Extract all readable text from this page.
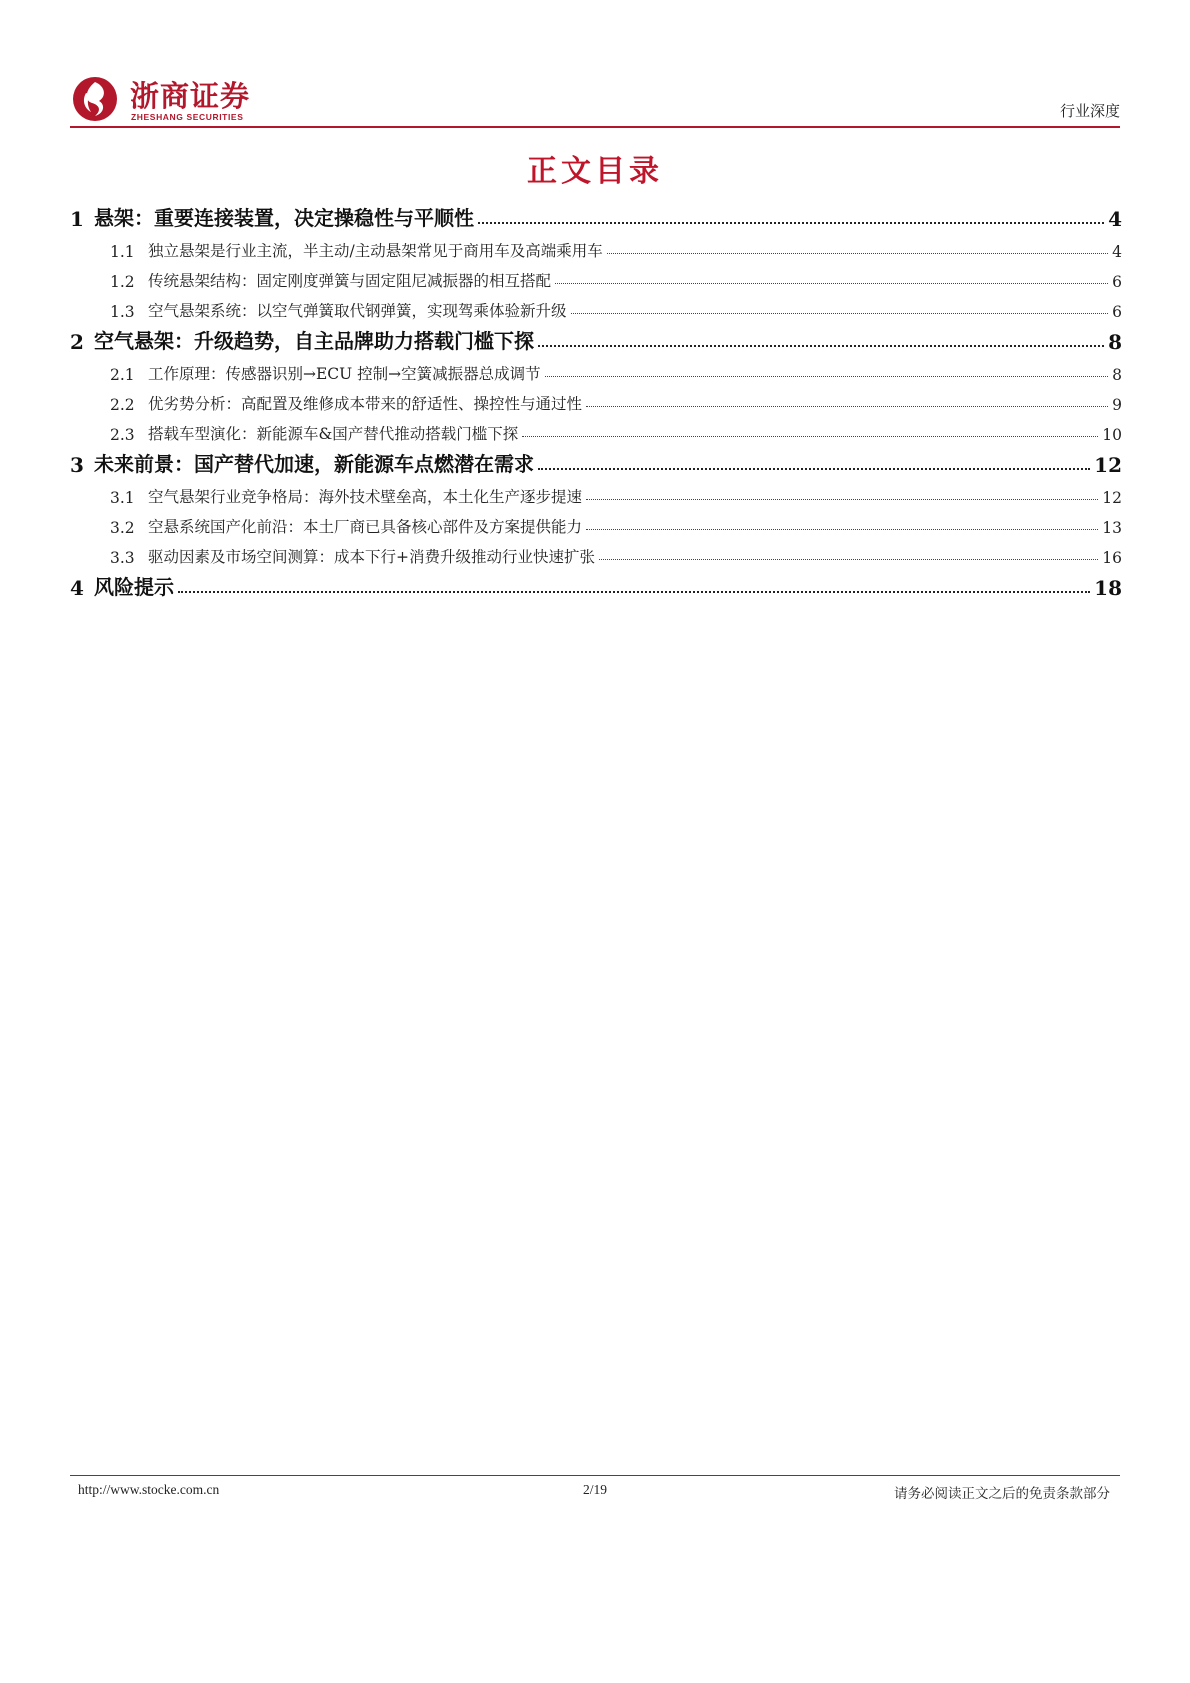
浙商证券
ZHESHANG SECURITIES	行业深度
正文目录
1 悬架：重要连接装置，决定操稳性与平顺性	4
1.1 独立悬架是行业主流，半主动/主动悬架常见于商用车及高端乘用车	4
1.2 传统悬架结构：固定刚度弹簧与固定阻尼减振器的相互搭配	6
1.3 空气悬架系统：以空气弹簧取代钢弹簧，实现驾乘体验新升级	6
2 空气悬架：升级趋势，自主品牌助力搭载门槛下探	8
2.1 工作原理：传感器识别→ECU 控制→空簧减振器总成调节	8
2.2 优劣势分析：高配置及维修成本带来的舒适性、操控性与通过性	9
2.3 搭载车型演化：新能源车&国产替代推动搭载门槛下探	10
3 未来前景：国产替代加速，新能源车点燃潜在需求	12
3.1 空气悬架行业竞争格局：海外技术壁垒高，本土化生产逐步提速	12
3.2 空悬系统国产化前沿：本土厂商已具备核心部件及方案提供能力	13
3.3 驱动因素及市场空间测算：成本下行+消费升级推动行业快速扩张	16
4 风险提示	18
http://www.stocke.com.cn	2/19	请务必阅读正文之后的免责条款部分
